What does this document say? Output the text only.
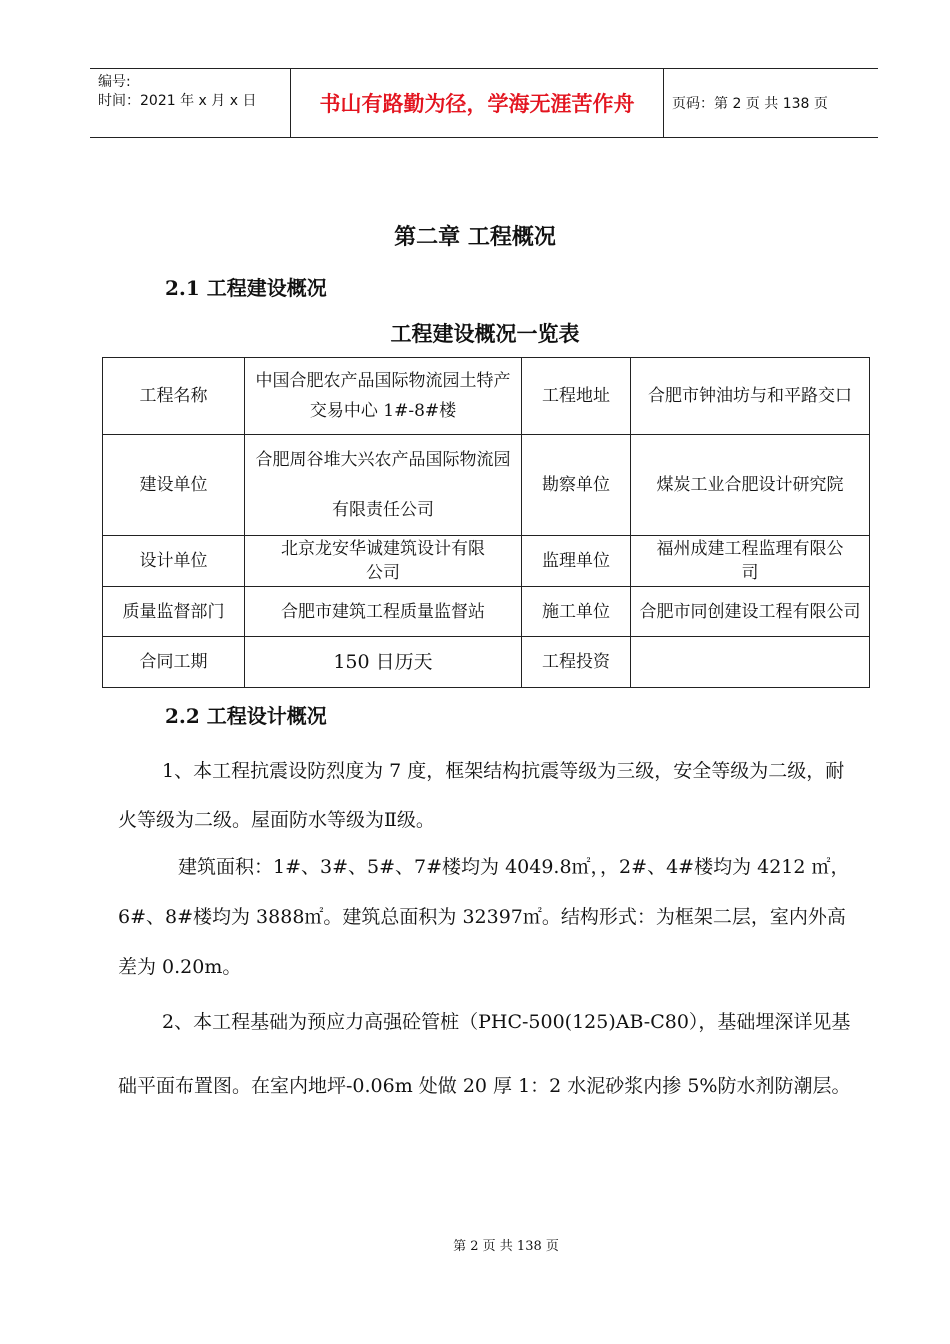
编号:
时间：2021 年 x 月 x 日	书山有路勤为径，学海无涯苦作舟	页码：第 2 页 共 138 页
第二章 工程概况
2.1 工程建设概况
工程建设概况一览表
工程名称	中国合肥农产品国际物流园土特产交易中心 1#-8#楼	工程地址	合肥市钟油坊与和平路交口
建设单位	合肥周谷堆大兴农产品国际物流园有限责任公司	勘察单位	煤炭工业合肥设计研究院
设计单位	北京龙安华诚建筑设计有限公司	监理单位	福州成建工程监理有限公司
质量监督部门	合肥市建筑工程质量监督站	施工单位	合肥市同创建设工程有限公司
合同工期	150 日历天	工程投资	
2.2 工程设计概况
1、本工程抗震设防烈度为 7 度，框架结构抗震等级为三级，安全等级为二级，耐火等级为二级。屋面防水等级为Ⅱ级。
建筑面积：1#、3#、5#、7#楼均为 4049.8㎡，，2#、4#楼均为 4212 ㎡，6#、8#楼均为 3888㎡。建筑总面积为 32397㎡。结构形式：为框架二层，室内外高差为 0.20m。
2、本工程基础为预应力高强砼管桩（PHC-500(125)AB-C80），基础埋深详见基础平面布置图。在室内地坪-0.06m 处做 20 厚 1：2 水泥砂浆内掺 5%防水剂防潮层。
第 2 页 共 138 页
